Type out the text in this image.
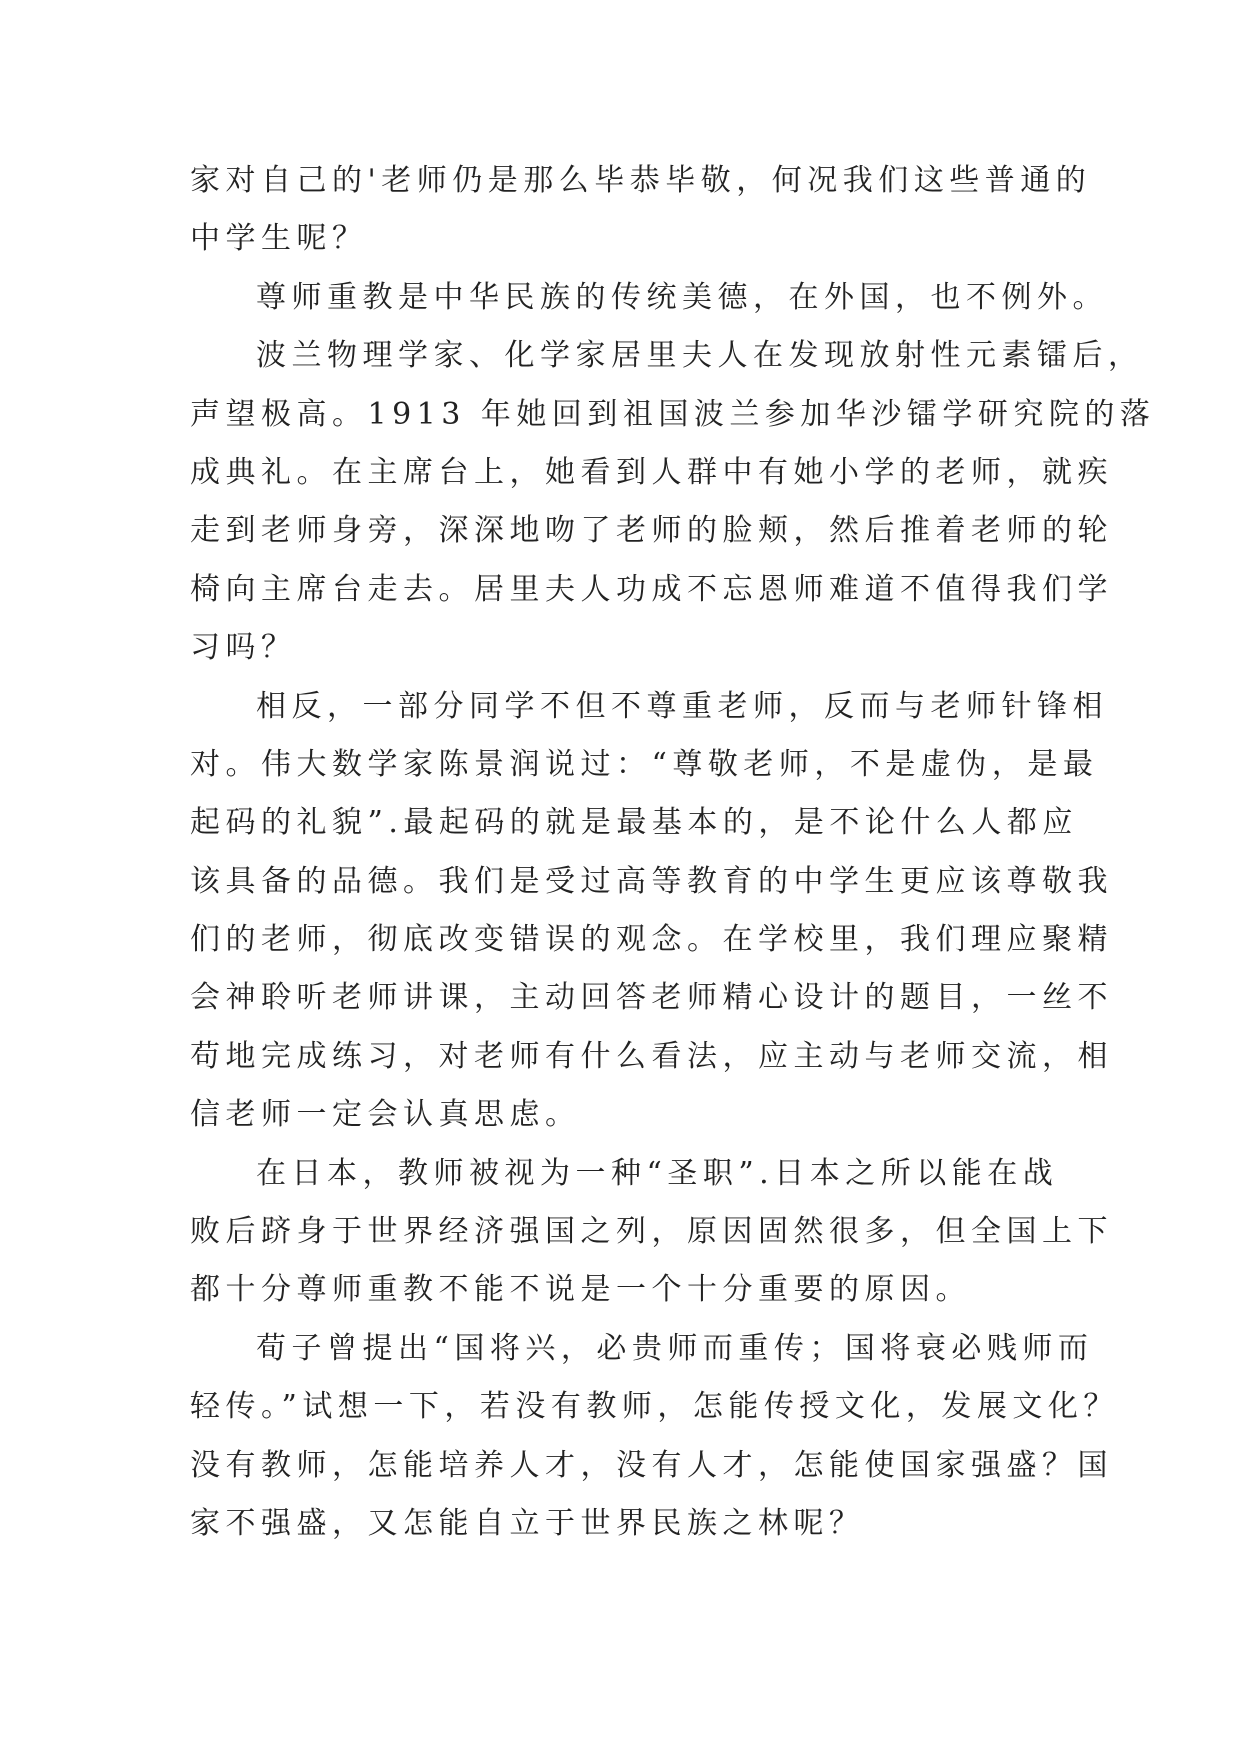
家对自己的'老师仍是那么毕恭毕敬，何况我们这些普通的
中学生呢？
尊师重教是中华民族的传统美德，在外国，也不例外。
波兰物理学家、化学家居里夫人在发现放射性元素镭后，
声望极高。1913 年她回到祖国波兰参加华沙镭学研究院的落
成典礼。在主席台上，她看到人群中有她小学的老师，就疾
走到老师身旁，深深地吻了老师的脸颊，然后推着老师的轮
椅向主席台走去。居里夫人功成不忘恩师难道不值得我们学
习吗？
相反，一部分同学不但不尊重老师，反而与老师针锋相
对。伟大数学家陈景润说过：“尊敬老师，不是虚伪，是最
起码的礼貌”.最起码的就是最基本的，是不论什么人都应
该具备的品德。我们是受过高等教育的中学生更应该尊敬我
们的老师，彻底改变错误的观念。在学校里，我们理应聚精
会神聆听老师讲课，主动回答老师精心设计的题目，一丝不
苟地完成练习，对老师有什么看法，应主动与老师交流，相
信老师一定会认真思虑。
在日本，教师被视为一种“圣职”.日本之所以能在战
败后跻身于世界经济强国之列，原因固然很多，但全国上下
都十分尊师重教不能不说是一个十分重要的原因。
荀子曾提出“国将兴，必贵师而重传；国将衰必贱师而
轻传。”试想一下，若没有教师，怎能传授文化，发展文化？
没有教师，怎能培养人才，没有人才，怎能使国家强盛？国
家不强盛，又怎能自立于世界民族之林呢？
